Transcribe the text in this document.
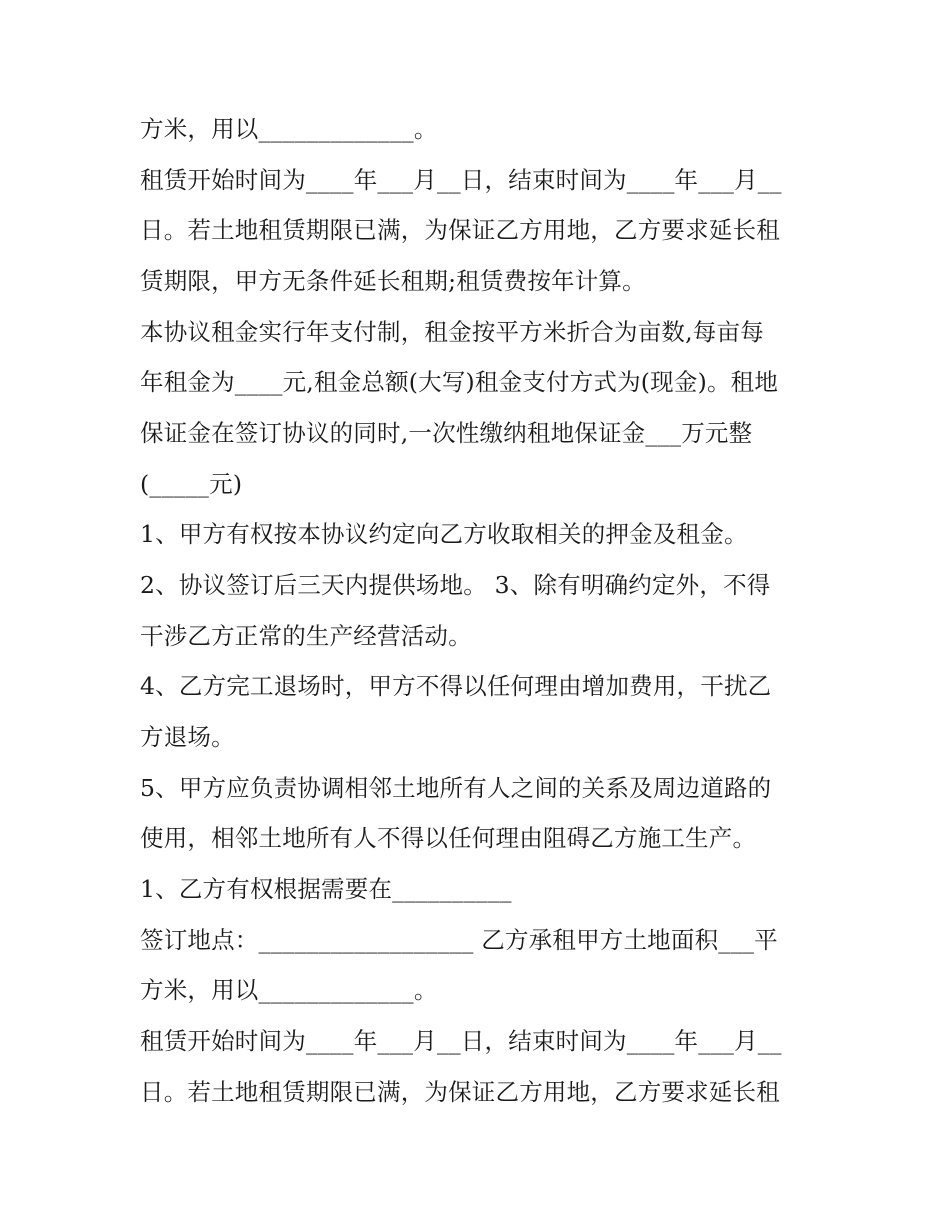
方米，用以_____________。
租赁开始时间为____年___月__日，结束时间为____年___月__
日。若土地租赁期限已满，为保证乙方用地，乙方要求延长租
赁期限，甲方无条件延长租期;租赁费按年计算。
本协议租金实行年支付制，租金按平方米折合为亩数,每亩每
年租金为____元,租金总额(大写)租金支付方式为(现金)。租地
保证金在签订协议的同时,一次性缴纳租地保证金___万元整
(_____元)
1、甲方有权按本协议约定向乙方收取相关的押金及租金。
2、协议签订后三天内提供场地。 3、除有明确约定外，不得
干涉乙方正常的生产经营活动。
4、乙方完工退场时，甲方不得以任何理由增加费用，干扰乙
方退场。
5、甲方应负责协调相邻土地所有人之间的关系及周边道路的
使用，相邻土地所有人不得以任何理由阻碍乙方施工生产。
1、乙方有权根据需要在__________
签订地点：__________________ 乙方承租甲方土地面积___平
方米，用以_____________。
租赁开始时间为____年___月__日，结束时间为____年___月__
日。若土地租赁期限已满，为保证乙方用地，乙方要求延长租
